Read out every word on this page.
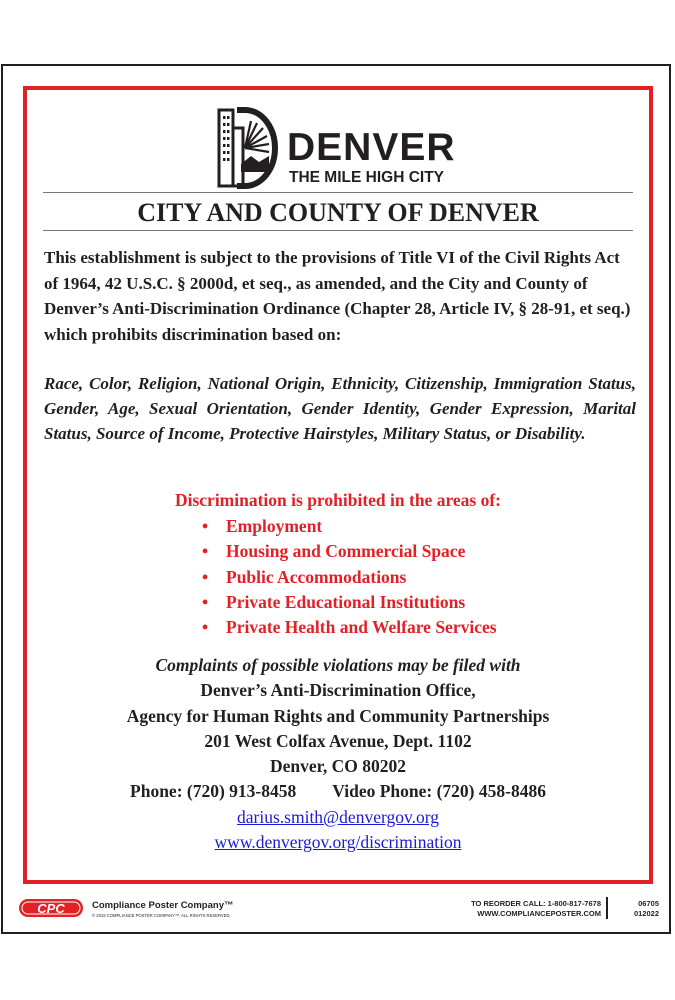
DENVER
THE MILE HIGH CITY
CITY AND COUNTY OF DENVER

This establishment is subject to the provisions of Title VI of the Civil Rights Act of 1964, 42 U.S.C. § 2000d, et seq., as amended, and the City and County of Denver’s Anti-Discrimination Ordinance (Chapter 28, Article IV, § 28-91, et seq.) which prohibits discrimination based on:

Race, Color, Religion, National Origin, Ethnicity, Citizenship, Immigration Status, Gender, Age, Sexual Orientation, Gender Identity, Gender Expression, Marital Status, Source of Income, Protective Hairstyles, Military Status, or Disability.

Discrimination is prohibited in the areas of:

• Employment
• Housing and Commercial Space
• Public Accommodations
• Private Educational Institutions
• Private Health and Welfare Services
Complaints of possible violations may be filed with
Denver’s Anti-Discrimination Office,
Agency for Human Rights and Community Partnerships
201 West Colfax Avenue, Dept. 1102
Denver, CO 80202
Phone: (720) 913-8458 Video Phone: (720) 458-8486
darius.smith@denvergov.org
www.denvergov.org/discrimination
CPC	Compliance Poster Company™
© 2019 COMPLIANCE POSTER COMPANY™. ALL RIGHTS RESERVED.
TO REORDER CALL: 1-800-817-7678
WWW.COMPLIANCEPOSTER.COM
06705
012022
